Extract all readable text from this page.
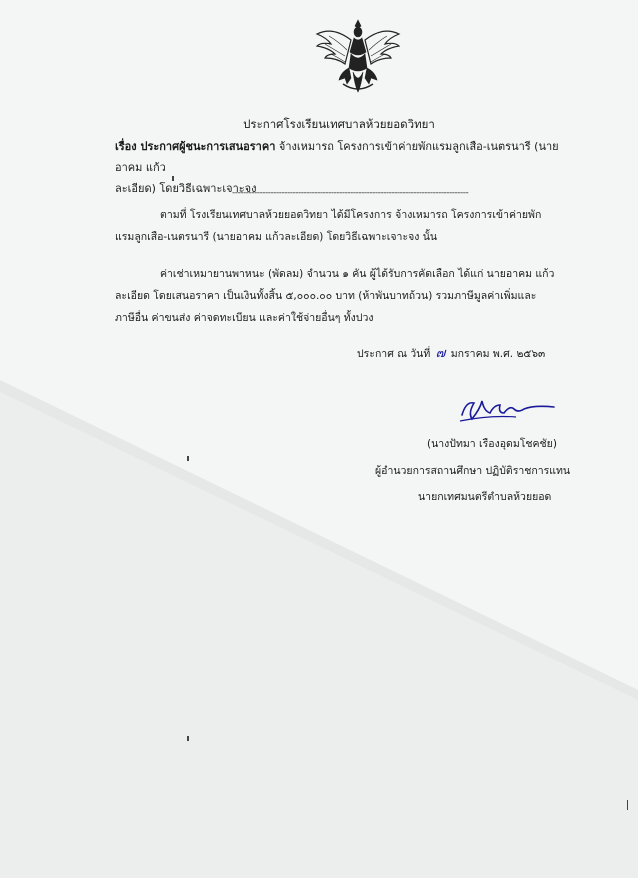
ประกาศโรงเรียนเทศบาลห้วยยอดวิทยา
เรื่อง ประกาศผู้ชนะการเสนอราคา จ้างเหมารถ โครงการเข้าค่ายพักแรมลูกเสือ-เนตรนารี (นายอาคม แก้ว
ละเอียด) โดยวิธีเฉพาะเจาะจง
--------------------------------------------------------------------------------------
ตามที่ โรงเรียนเทศบาลห้วยยอดวิทยา ได้มีโครงการ จ้างเหมารถ โครงการเข้าค่ายพักแรมลูกเสือ-เนตรนารี (นายอาคม แก้วละเอียด) โดยวิธีเฉพาะเจาะจง นั้น
ค่าเช่าเหมายานพาหนะ (พัดลม) จำนวน ๑ คัน ผู้ได้รับการคัดเลือก ได้แก่ นายอาคม แก้วละเอียด โดยเสนอราคา เป็นเงินทั้งสิ้น ๕,๐๐๐.๐๐ บาท (ห้าพันบาทถ้วน) รวมภาษีมูลค่าเพิ่มและภาษีอื่น ค่าขนส่ง ค่าจดทะเบียน และค่าใช้จ่ายอื่นๆ ทั้งปวง
ประกาศ ณ วันที่ ๗ มกราคม พ.ศ. ๒๕๖๓
(นางปัทมา เรืองอุดมโชคชัย)
ผู้อำนวยการสถานศึกษา ปฏิบัติราชการแทน
นายกเทศมนตรีตำบลห้วยยอด
